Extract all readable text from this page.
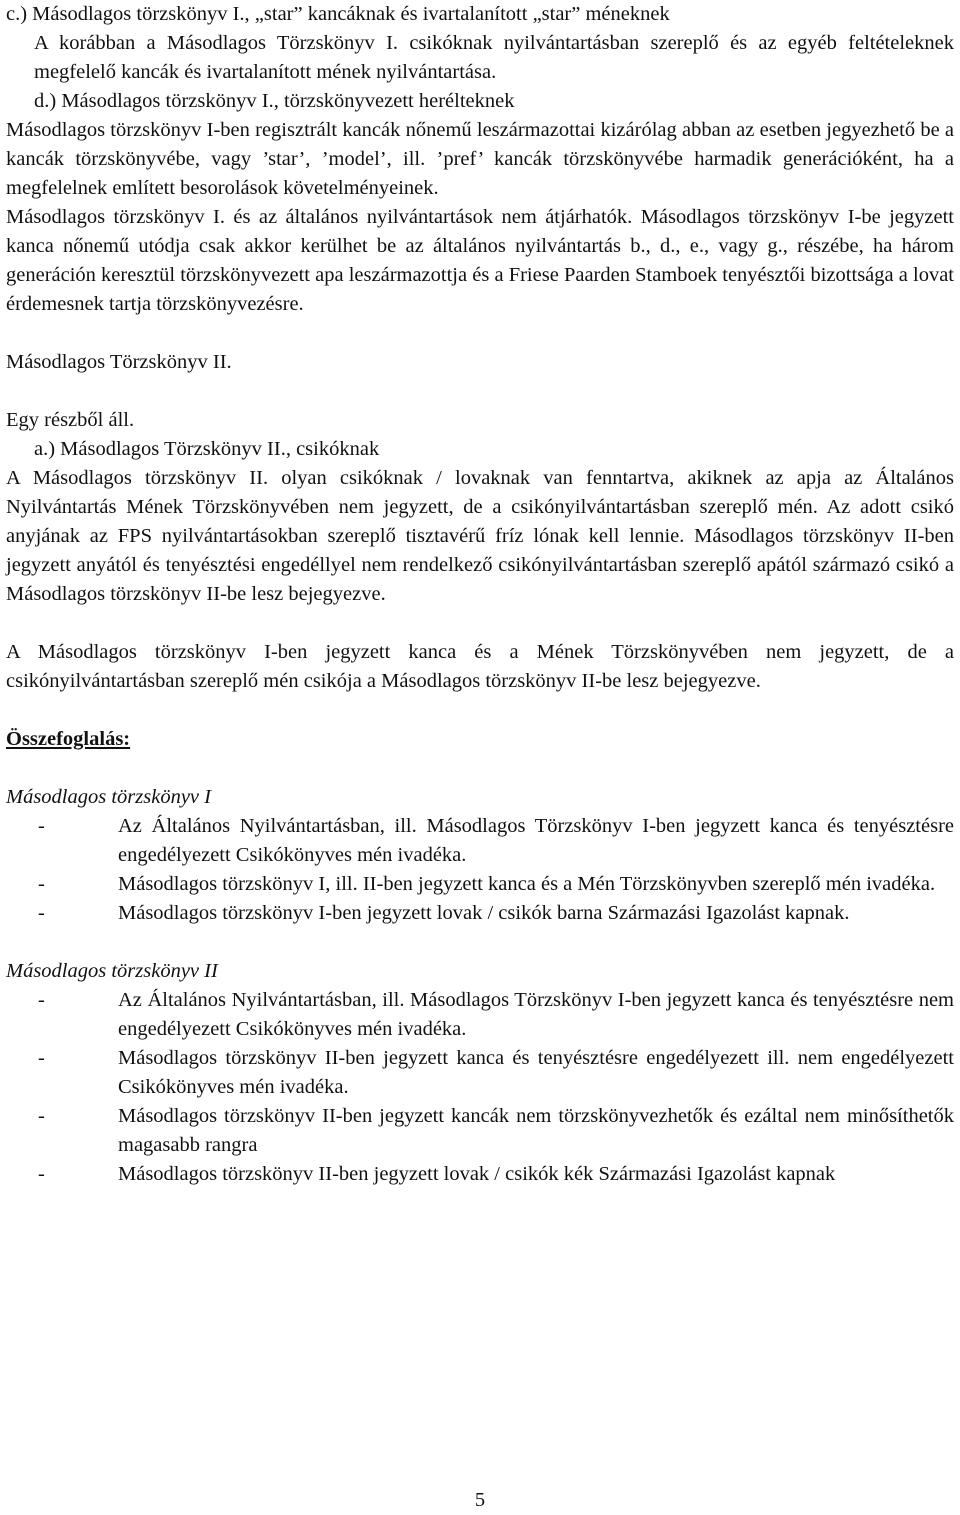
c.) Másodlagos törzskönyv I., „star” kancáknak és ivartalanított „star” méneknek

A korábban a Másodlagos Törzskönyv I. csikóknak nyilvántartásban szereplő és az egyéb feltételeknek megfelelő kancák és ivartalanított mének nyilvántartása.

d.) Másodlagos törzskönyv I., törzskönyvezett herélteknek

Másodlagos törzskönyv I-ben regisztrált kancák nőnemű leszármazottai kizárólag abban az esetben jegyezhető be a kancák törzskönyvébe, vagy ’star’, ’model’, ill. ’pref’ kancák törzskönyvébe harmadik generációként, ha a megfelelnek említett besorolások követelményeinek.

Másodlagos törzskönyv I. és az általános nyilvántartások nem átjárhatók. Másodlagos törzskönyv I-be jegyzett kanca nőnemű utódja csak akkor kerülhet be az általános nyilvántartás b., d., e., vagy g., részébe, ha három generáción keresztül törzskönyvezett apa leszármazottja és a Friese Paarden Stamboek tenyésztői bizottsága a lovat érdemesnek tartja törzskönyvezésre.

Másodlagos Törzskönyv II.

Egy részből áll.

a.) Másodlagos Törzskönyv II., csikóknak

A Másodlagos törzskönyv II. olyan csikóknak / lovaknak van fenntartva, akiknek az apja az Általános Nyilvántartás Mének Törzskönyvében nem jegyzett, de a csikónyilvántartásban szereplő mén. Az adott csikó anyjának az FPS nyilvántartásokban szereplő tisztavérű fríz lónak kell lennie. Másodlagos törzskönyv II-ben jegyzett anyától és tenyésztési engedéllyel nem rendelkező csikónyilvántartásban szereplő apától származó csikó a Másodlagos törzskönyv II-be lesz bejegyezve.

A Másodlagos törzskönyv I-ben jegyzett kanca és a Mének Törzskönyvében nem jegyzett, de a csikónyilvántartásban szereplő mén csikója a Másodlagos törzskönyv II-be lesz bejegyezve.

Összefoglalás:

Másodlagos törzskönyv I

-	Az Általános Nyilvántartásban, ill. Másodlagos Törzskönyv I-ben jegyzett kanca és tenyésztésre engedélyezett Csikókönyves mén ivadéka.
-	Másodlagos törzskönyv I, ill. II-ben jegyzett kanca és a Mén Törzskönyvben szereplő mén ivadéka.
-	Másodlagos törzskönyv I-ben jegyzett lovak / csikók barna Származási Igazolást kapnak.

Másodlagos törzskönyv II

-	Az Általános Nyilvántartásban, ill. Másodlagos Törzskönyv I-ben jegyzett kanca és tenyésztésre nem engedélyezett Csikókönyves mén ivadéka.
-	Másodlagos törzskönyv II-ben jegyzett kanca és tenyésztésre engedélyezett ill. nem engedélyezett Csikókönyves mén ivadéka.
-	Másodlagos törzskönyv II-ben jegyzett kancák nem törzskönyvezhetők és ezáltal nem minősíthetők magasabb rangra
-	Másodlagos törzskönyv II-ben jegyzett lovak / csikók kék Származási Igazolást kapnak
5
